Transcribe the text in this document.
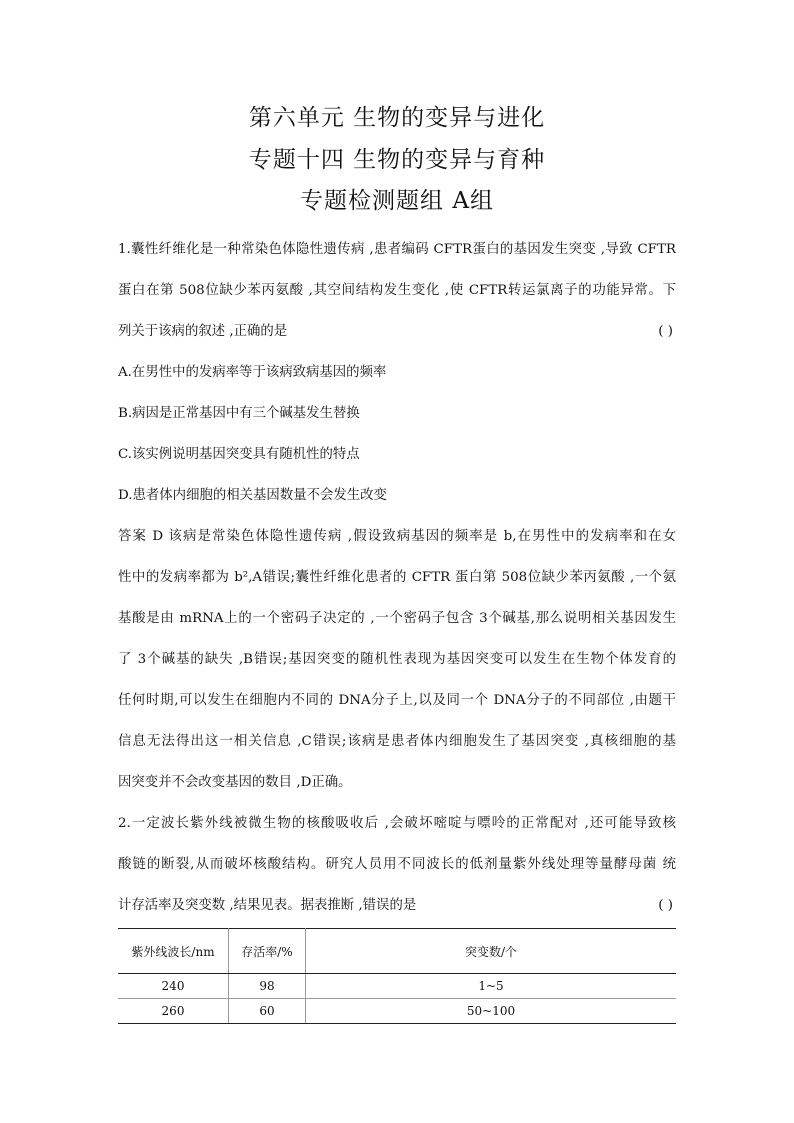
第六单元 生物的变异与进化
专题十四 生物的变异与育种
专题检测题组 A组
1.囊性纤维化是一种常染色体隐性遗传病 ,患者编码 CFTR蛋白的基因发生突变 ,导致 CFTR
蛋白在第 508位缺少苯丙氨酸 ,其空间结构发生变化 ,使 CFTR转运氯离子的功能异常。下
列关于该病的叙述 ,正确的是	( )
A.在男性中的发病率等于该病致病基因的频率
B.病因是正常基因中有三个碱基发生替换
C.该实例说明基因突变具有随机性的特点
D.患者体内细胞的相关基因数量不会发生改变
答案 D 该病是常染色体隐性遗传病 ,假设致病基因的频率是 b,在男性中的发病率和在女
性中的发病率都为 b²,A错误;囊性纤维化患者的 CFTR 蛋白第 508位缺少苯丙氨酸 ,一个氨
基酸是由 mRNA上的一个密码子决定的 ,一个密码子包含 3个碱基,那么说明相关基因发生
了 3个碱基的缺失 ,B错误;基因突变的随机性表现为基因突变可以发生在生物个体发育的
任何时期,可以发生在细胞内不同的 DNA分子上,以及同一个 DNA分子的不同部位 ,由题干
信息无法得出这一相关信息 ,C错误;该病是患者体内细胞发生了基因突变 ,真核细胞的基
因突变并不会改变基因的数目 ,D正确。
2.一定波长紫外线被微生物的核酸吸收后 ,会破坏嘧啶与嘌呤的正常配对 ,还可能导致核
酸链的断裂,从而破坏核酸结构。研究人员用不同波长的低剂量紫外线处理等量酵母菌 统
计存活率及突变数 ,结果见表。据表推断 ,错误的是	( )
紫外线波长/nm	存活率/%	突变数/个
240	98	1~5
260	60	50~100
